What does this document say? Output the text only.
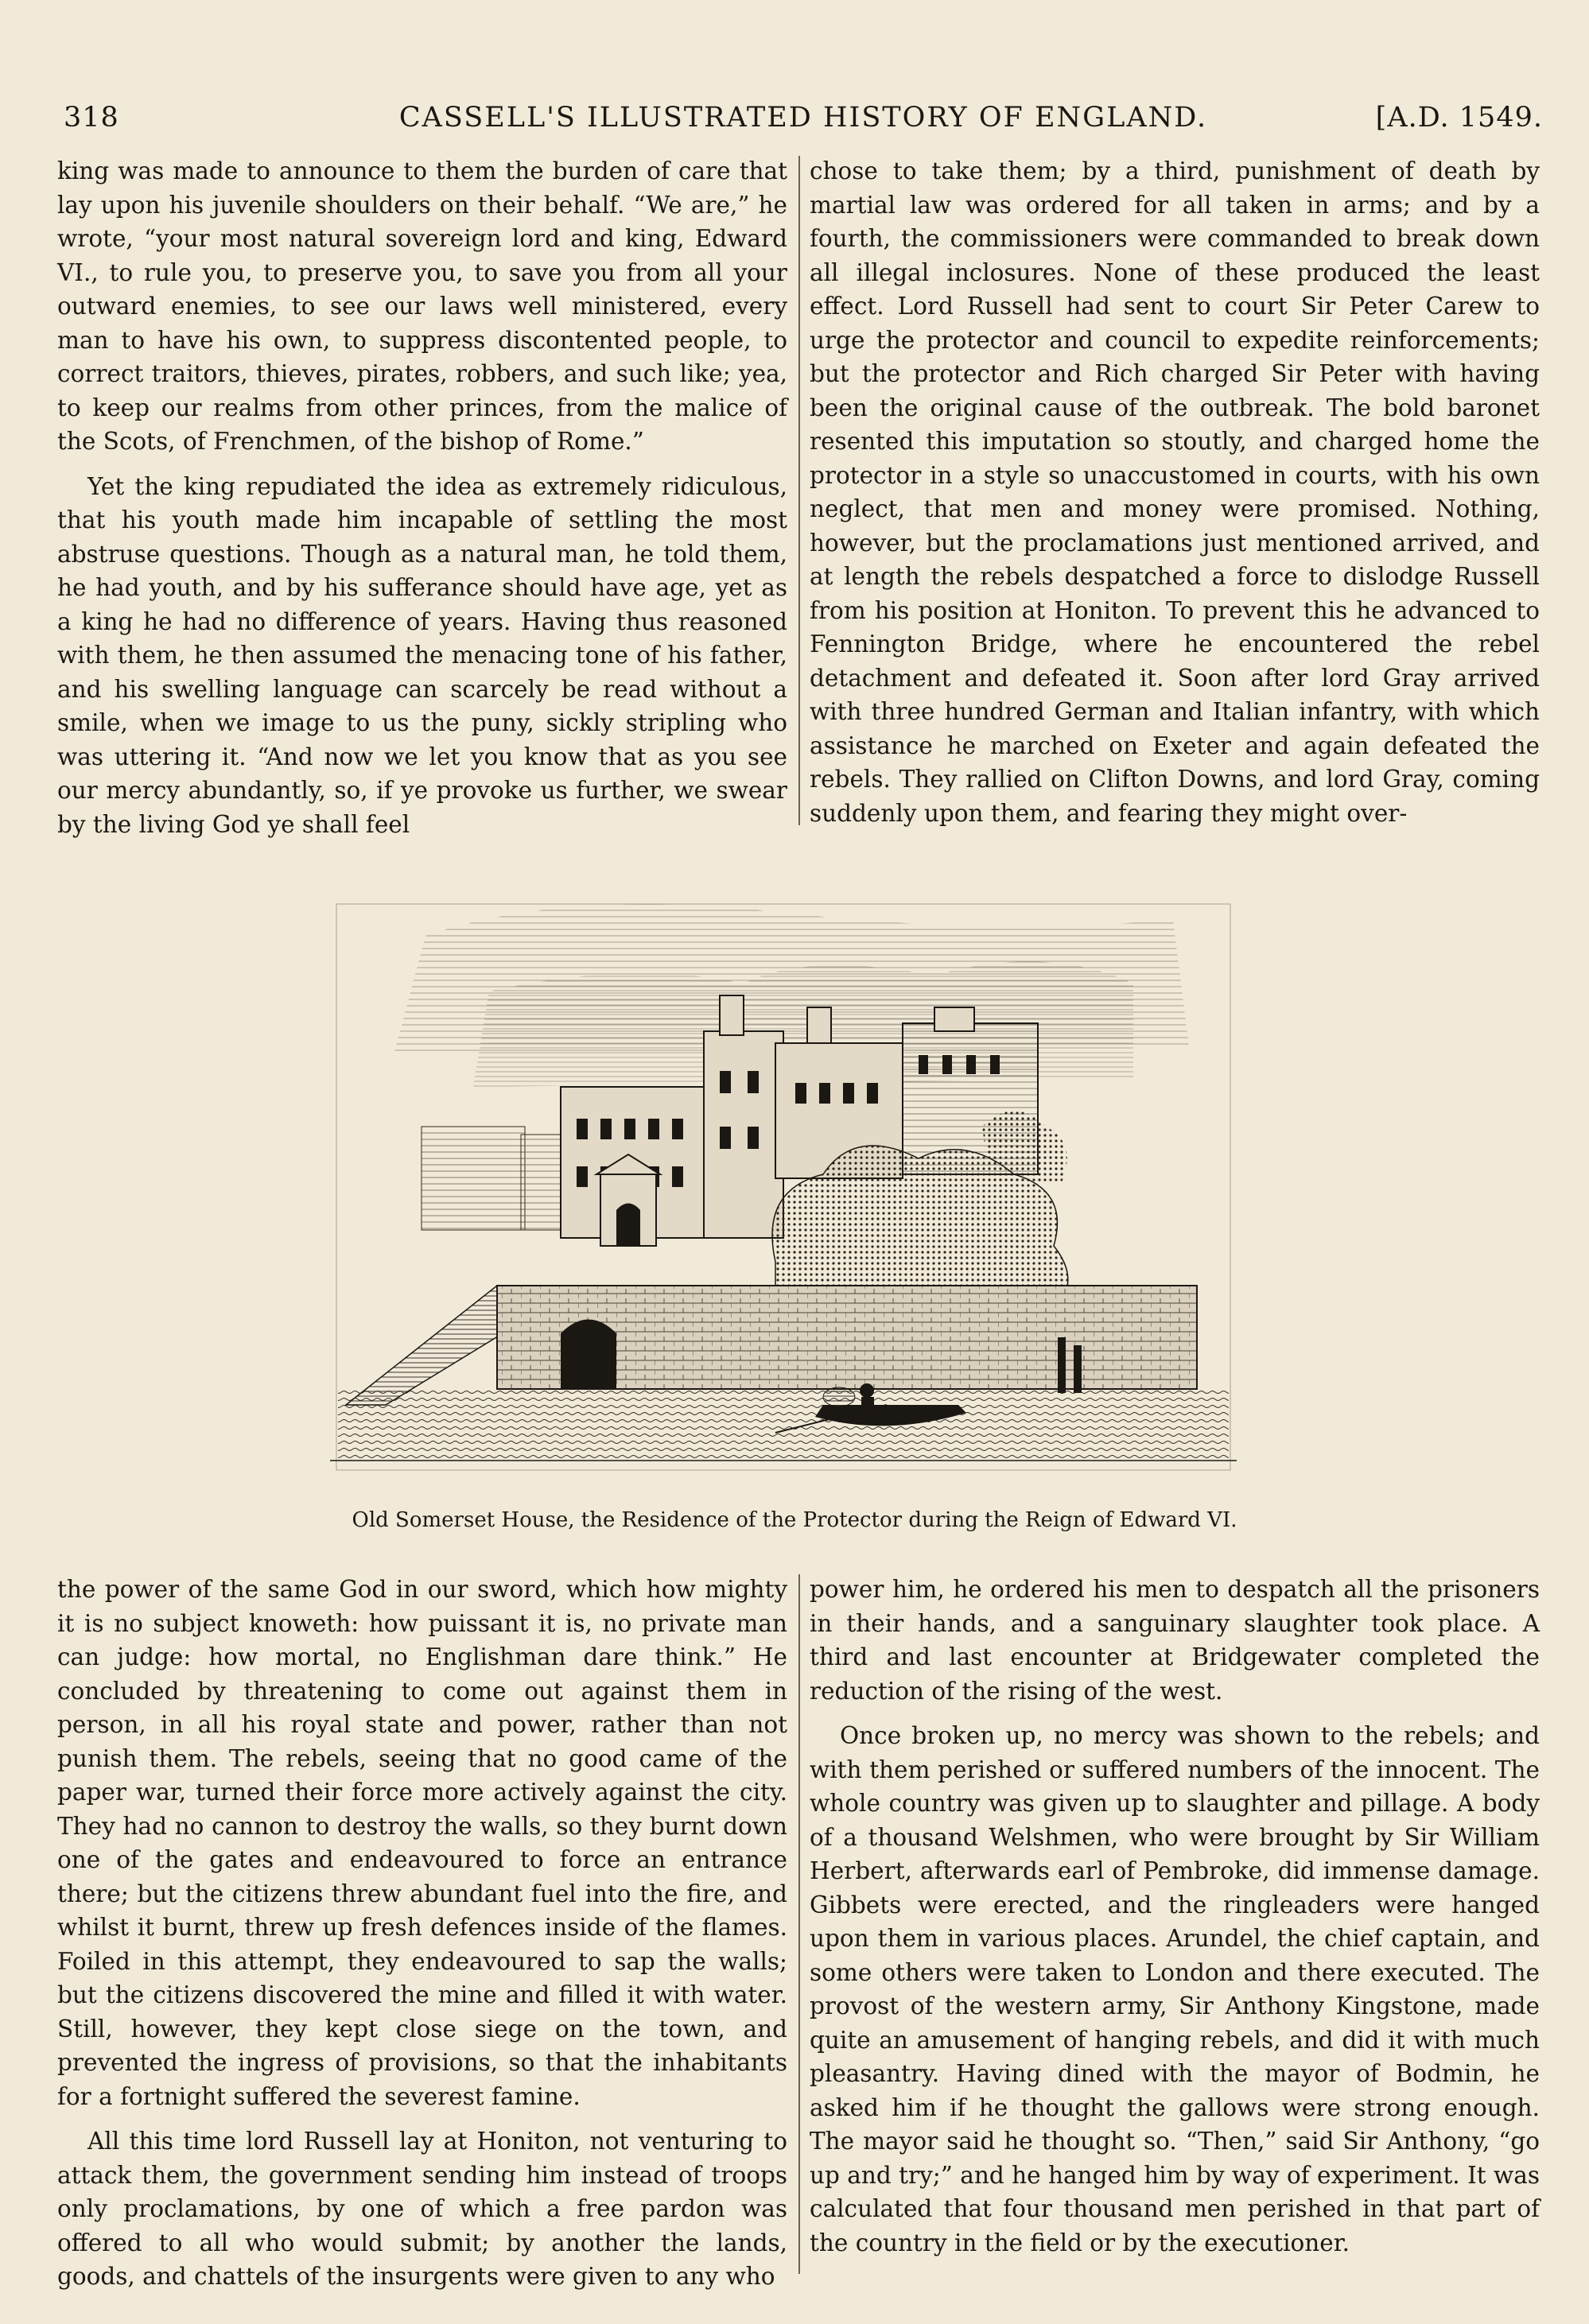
318	CASSELL'S ILLUSTRATED HISTORY OF ENGLAND.	[A.D. 1549.

king was made to announce to them the burden of care that lay upon his juvenile shoulders on their behalf. “We are,” he wrote, “your most natural sovereign lord and king, Edward VI., to rule you, to preserve you, to save you from all your outward enemies, to see our laws well ministered, every man to have his own, to suppress discontented people, to correct traitors, thieves, pirates, robbers, and such like; yea, to keep our realms from other princes, from the malice of the Scots, of Frenchmen, of the bishop of Rome.”

Yet the king repudiated the idea as extremely ridiculous, that his youth made him incapable of settling the most abstruse questions. Though as a natural man, he told them, he had youth, and by his sufferance should have age, yet as a king he had no difference of years. Having thus reasoned with them, he then assumed the menacing tone of his father, and his swelling language can scarcely be read without a smile, when we image to us the puny, sickly stripling who was uttering it. “And now we let you know that as you see our mercy abundantly, so, if ye provoke us further, we swear by the living God ye shall feel

chose to take them; by a third, punishment of death by martial law was ordered for all taken in arms; and by a fourth, the commissioners were commanded to break down all illegal inclosures. None of these produced the least effect. Lord Russell had sent to court Sir Peter Carew to urge the protector and council to expedite reinforcements; but the protector and Rich charged Sir Peter with having been the original cause of the outbreak. The bold baronet resented this imputation so stoutly, and charged home the protector in a style so unaccustomed in courts, with his own neglect, that men and money were promised. Nothing, however, but the proclamations just mentioned arrived, and at length the rebels despatched a force to dislodge Russell from his position at Honiton. To prevent this he advanced to Fennington Bridge, where he encountered the rebel detachment and defeated it. Soon after lord Gray arrived with three hundred German and Italian infantry, with which assistance he marched on Exeter and again defeated the rebels. They rallied on Clifton Downs, and lord Gray, coming suddenly upon them, and fearing they might over-

Old Somerset House, the Residence of the Protector during the Reign of Edward VI.

the power of the same God in our sword, which how mighty it is no subject knoweth: how puissant it is, no private man can judge: how mortal, no Englishman dare think.” He concluded by threatening to come out against them in person, in all his royal state and power, rather than not punish them. The rebels, seeing that no good came of the paper war, turned their force more actively against the city. They had no cannon to destroy the walls, so they burnt down one of the gates and endeavoured to force an entrance there; but the citizens threw abundant fuel into the fire, and whilst it burnt, threw up fresh defences inside of the flames. Foiled in this attempt, they endeavoured to sap the walls; but the citizens discovered the mine and filled it with water. Still, however, they kept close siege on the town, and prevented the ingress of provisions, so that the inhabitants for a fortnight suffered the severest famine.

All this time lord Russell lay at Honiton, not venturing to attack them, the government sending him instead of troops only proclamations, by one of which a free pardon was offered to all who would submit; by another the lands, goods, and chattels of the insurgents were given to any who

power him, he ordered his men to despatch all the prisoners in their hands, and a sanguinary slaughter took place. A third and last encounter at Bridgewater completed the reduction of the rising of the west.

Once broken up, no mercy was shown to the rebels; and with them perished or suffered numbers of the innocent. The whole country was given up to slaughter and pillage. A body of a thousand Welshmen, who were brought by Sir William Herbert, afterwards earl of Pembroke, did immense damage. Gibbets were erected, and the ringleaders were hanged upon them in various places. Arundel, the chief captain, and some others were taken to London and there executed. The provost of the western army, Sir Anthony Kingstone, made quite an amusement of hanging rebels, and did it with much pleasantry. Having dined with the mayor of Bodmin, he asked him if he thought the gallows were strong enough. The mayor said he thought so. “Then,” said Sir Anthony, “go up and try;” and he hanged him by way of experiment. It was calculated that four thousand men perished in that part of the country in the field or by the executioner.
